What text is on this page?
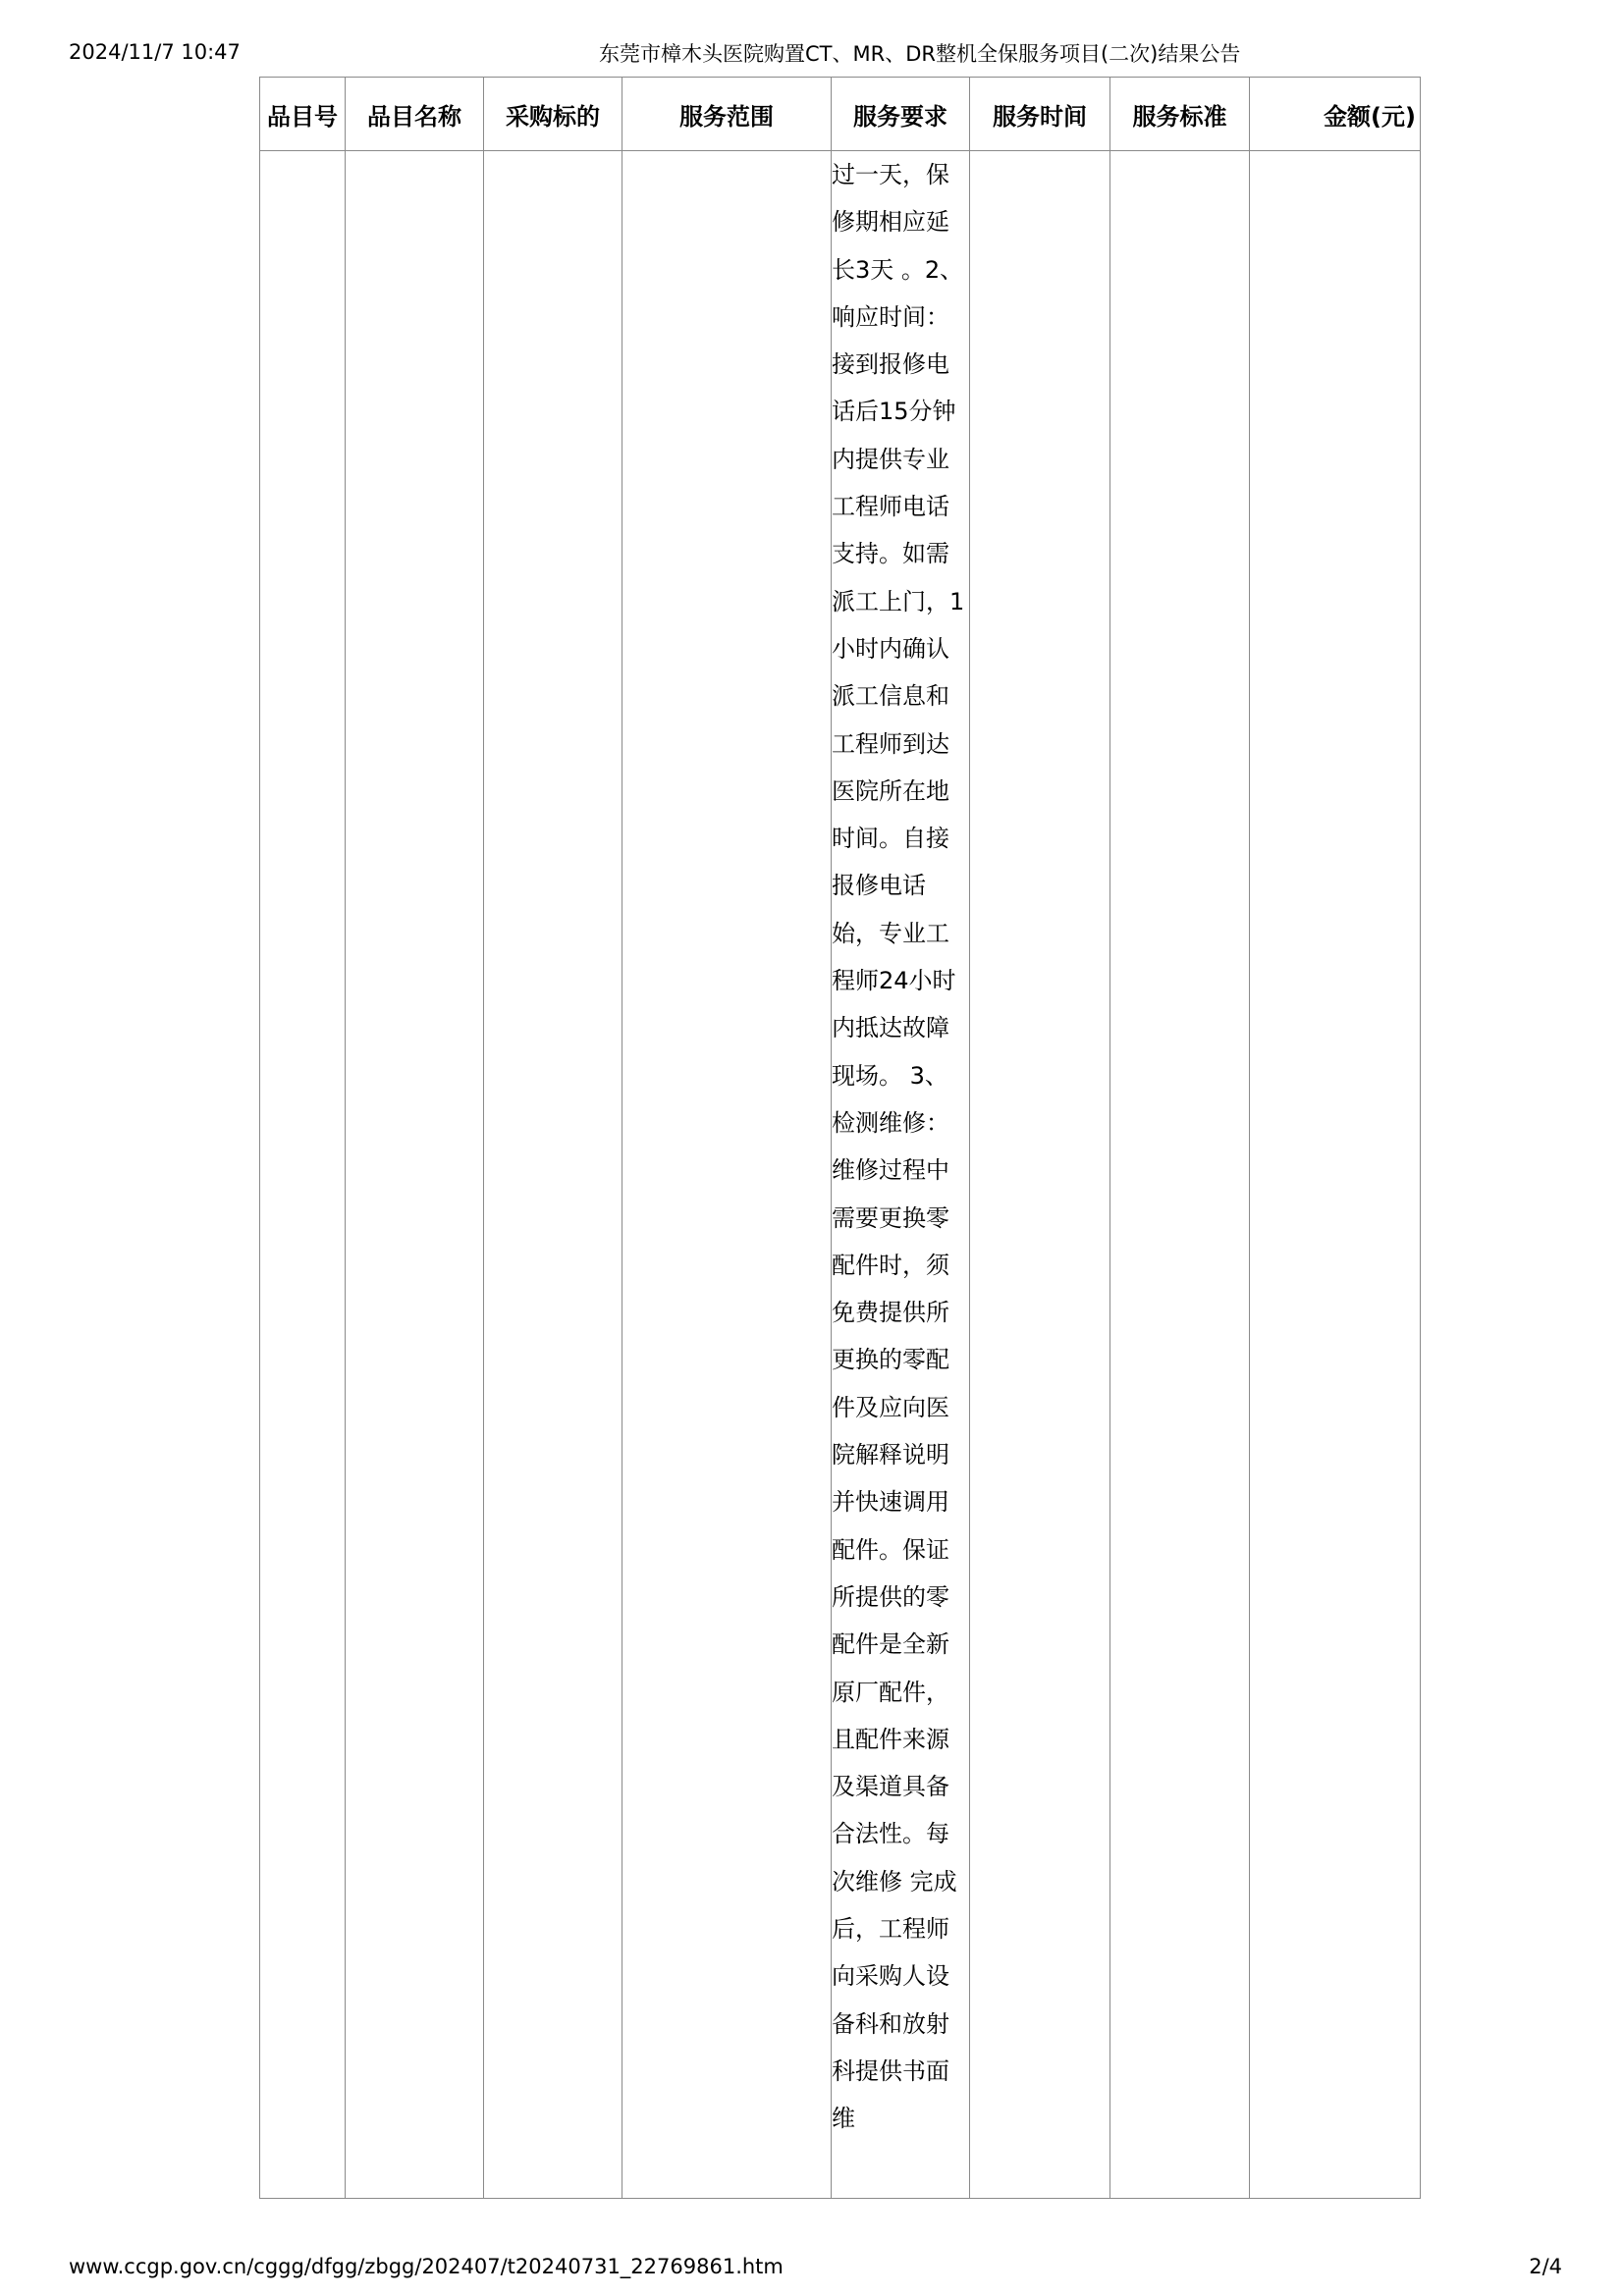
2024/11/7 10:47	东莞市樟木头医院购置CT、MR、DR整机全保服务项目(二次)结果公告
品目号	品目名称	采购标的	服务范围	服务要求	服务时间	服务标准	金额(元)
				过一天，保修期相应延长3天 。2、响应时间：接到报修电话后15分钟内提供专业工程师电话支持。如需派工上门，1小时内确认 派工信息和工程师到达医院所在地时间。自接报修电话始，专业工程师24小时内抵达故障现场。 3、检测维修：维修过程中需要更换零配件时，须免费提供所更换的零配件及应向医院解释说明并快速调用配件。保证所提供的零配件是全新原厂配件，且配件来源及渠道具备合法性。每次维修 完成后，工程师向采购人设备科和放射科提供书面维			
www.ccgp.gov.cn/cggg/dfgg/zbgg/202407/t20240731_22769861.htm	2/4
